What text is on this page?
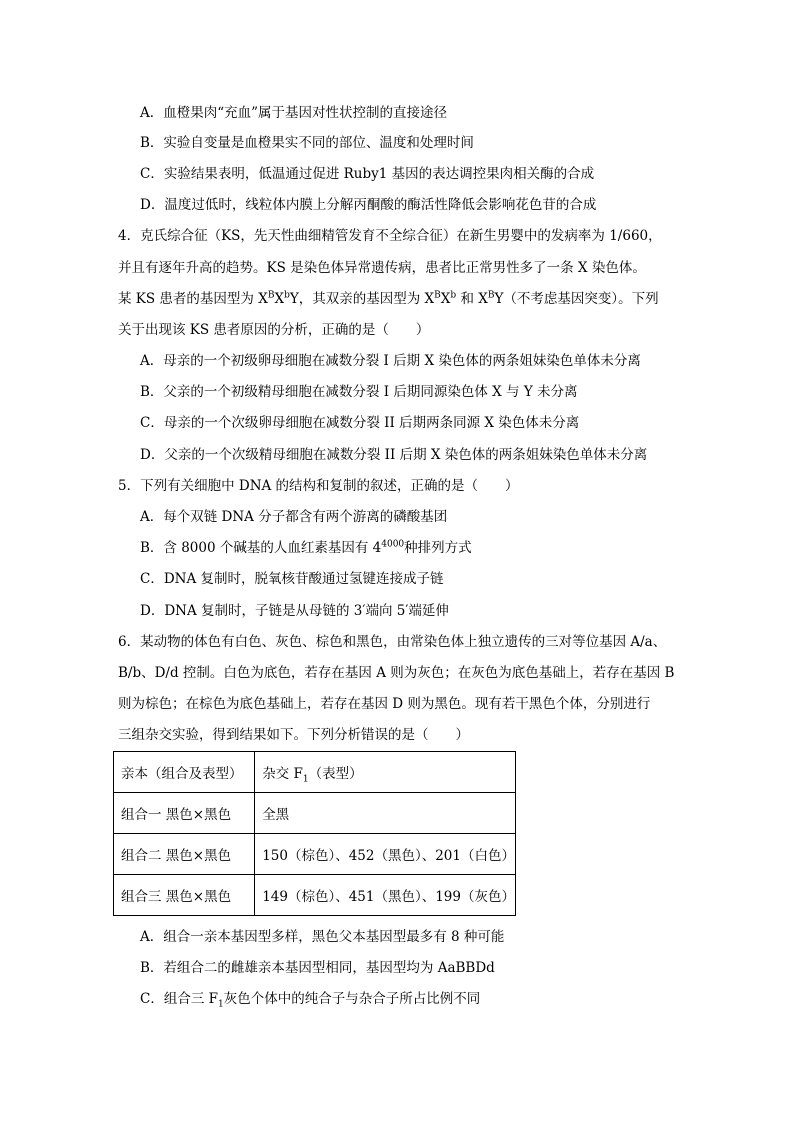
A．血橙果肉“充血”属于基因对性状控制的直接途径
B．实验自变量是血橙果实不同的部位、温度和处理时间
C．实验结果表明，低温通过促进 Ruby1 基因的表达调控果肉相关酶的合成
D．温度过低时，线粒体内膜上分解丙酮酸的酶活性降低会影响花色苷的合成
4．克氏综合征（KS，先天性曲细精管发育不全综合征）在新生男婴中的发病率为 1/660，
并且有逐年升高的趋势。KS 是染色体异常遗传病，患者比正常男性多了一条 X 染色体。
某 KS 患者的基因型为 $X^BX^bY$，其双亲的基因型为 $X^BX^b$ 和 $X^BY$（不考虑基因突变）。下列
关于出现该 KS 患者原因的分析，正确的是（　　）
A．母亲的一个初级卵母细胞在减数分裂 I 后期 X 染色体的两条姐妹染色单体未分离
B．父亲的一个初级精母细胞在减数分裂 I 后期同源染色体 X 与 Y 未分离
C．母亲的一个次级卵母细胞在减数分裂 II 后期两条同源 X 染色体未分离
D．父亲的一个次级精母细胞在减数分裂 II 后期 X 染色体的两条姐妹染色单体未分离
5．下列有关细胞中 DNA 的结构和复制的叙述，正确的是（　　）
A．每个双链 DNA 分子都含有两个游离的磷酸基团
B．含 8000 个碱基的人血红素基因有 $4^{4000}$种排列方式
C．DNA 复制时，脱氧核苷酸通过氢键连接成子链
D．DNA 复制时，子链是从母链的 3′端向 5′端延伸
6．某动物的体色有白色、灰色、棕色和黑色，由常染色体上独立遗传的三对等位基因 A/a、
B/b、D/d 控制。白色为底色，若存在基因 A 则为灰色；在灰色为底色基础上，若存在基因 B
则为棕色；在棕色为底色基础上，若存在基因 D 则为黑色。现有若干黑色个体，分别进行
三组杂交实验，得到结果如下。下列分析错误的是（　　）
亲本（组合及表型）	杂交 $F_1$（表型）
组合一 黑色×黑色	全黑
组合二 黑色×黑色	150（棕色）、452（黑色）、201（白色）
组合三 黑色×黑色	149（棕色）、451（黑色）、199（灰色）
A．组合一亲本基因型多样，黑色父本基因型最多有 8 种可能
B．若组合二的雌雄亲本基因型相同，基因型均为 AaBBDd
C．组合三 $F_1$灰色个体中的纯合子与杂合子所占比例不同
